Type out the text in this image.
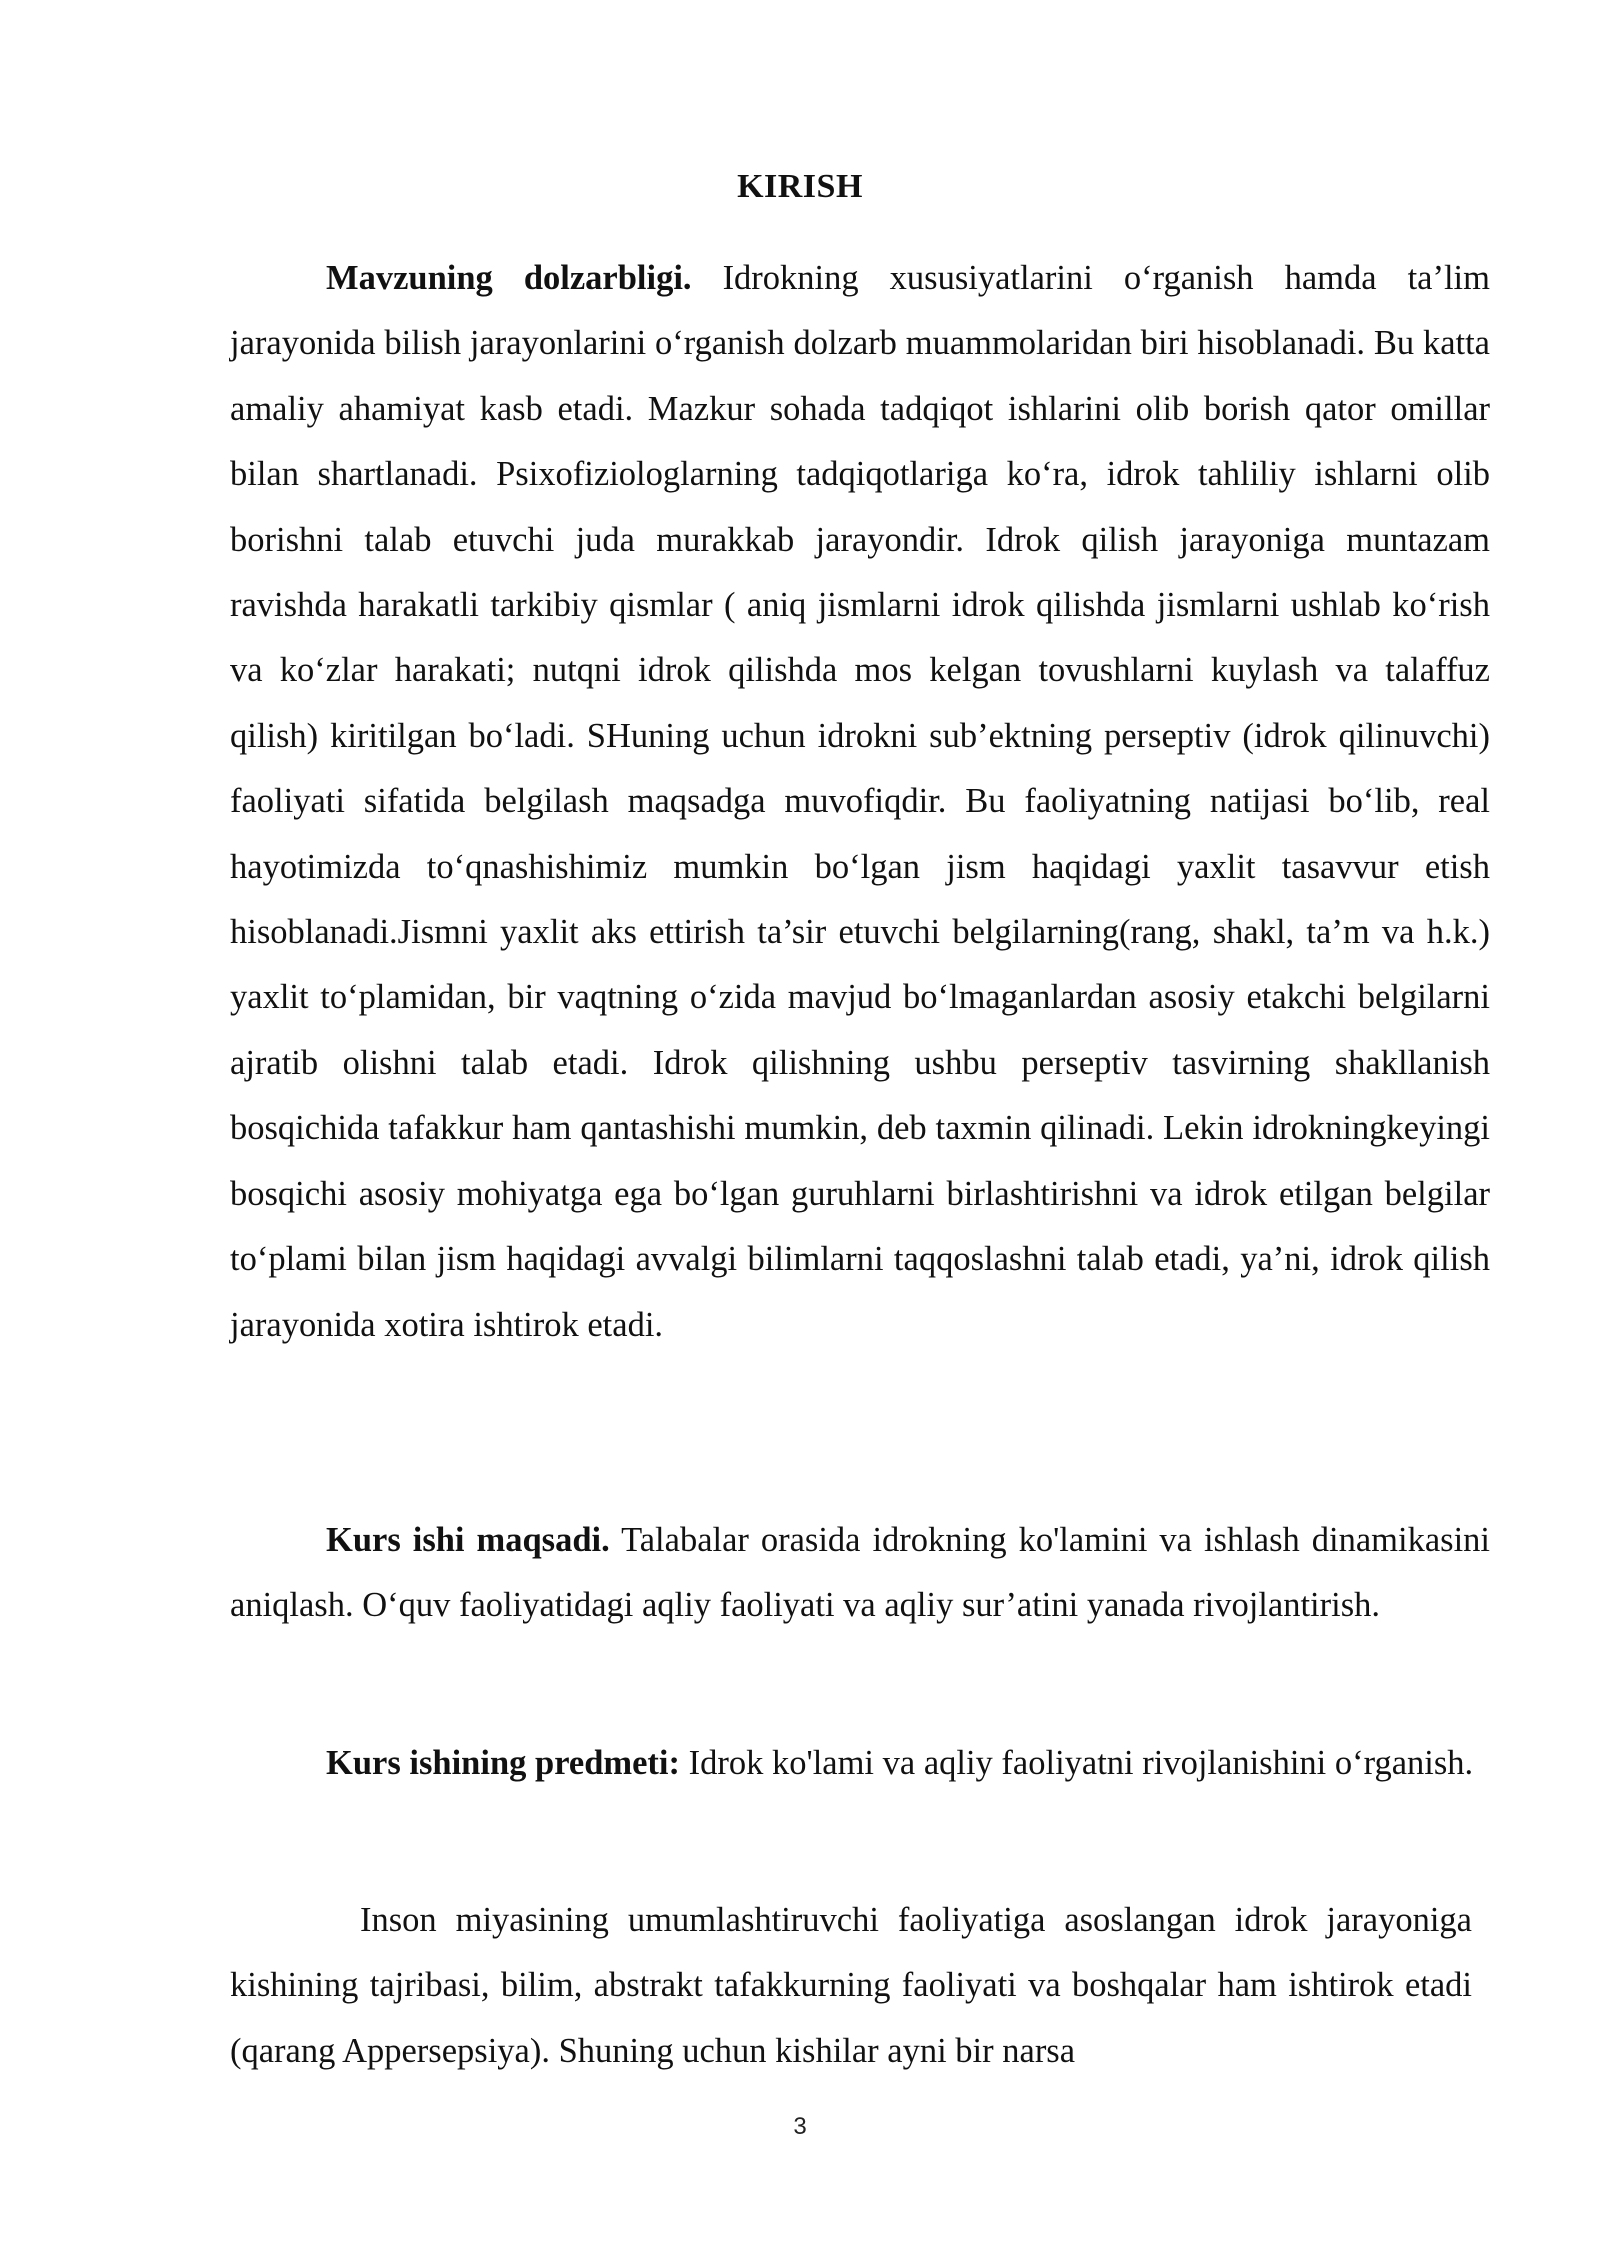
KIRISH

Mavzuning dolzarbligi. Idrokning xususiyatlarini o‘rganish hamda ta’lim jarayonida bilish jarayonlarini o‘rganish dolzarb muammolaridan biri hisoblanadi. Bu katta amaliy ahamiyat kasb etadi. Mazkur sohada tadqiqot ishlarini olib borish qator omillar bilan shartlanadi. Psixofiziologlarning tadqiqotlariga ko‘ra, idrok tahliliy ishlarni olib borishni talab etuvchi juda murakkab jarayondir. Idrok qilish jarayoniga muntazam ravishda harakatli tarkibiy qismlar ( aniq jismlarni idrok qilishda jismlarni ushlab ko‘rish va ko‘zlar harakati; nutqni idrok qilishda mos kelgan tovushlarni kuylash va talaffuz qilish) kiritilgan bo‘ladi. SHuning uchun idrokni sub’ektning perseptiv (idrok qilinuvchi) faoliyati sifatida belgilash maqsadga muvofiqdir. Bu faoliyatning natijasi bo‘lib, real hayotimizda to‘qnashishimiz mumkin bo‘lgan jism haqidagi yaxlit tasavvur etish hisoblanadi.Jismni yaxlit aks ettirish ta’sir etuvchi belgilarning(rang, shakl, ta’m va h.k.) yaxlit to‘plamidan, bir vaqtning o‘zida mavjud bo‘lmaganlardan asosiy etakchi belgilarni ajratib olishni talab etadi. Idrok qilishning ushbu perseptiv tasvirning shakllanish bosqichida tafakkur ham qantashishi mumkin, deb taxmin qilinadi. Lekin idrokningkeyingi bosqichi asosiy mohiyatga ega bo‘lgan guruhlarni birlashtirishni va idrok etilgan belgilar to‘plami bilan jism haqidagi avvalgi bilimlarni taqqoslashni talab etadi, ya’ni, idrok qilish jarayonida xotira ishtirok etadi.

Kurs ishi maqsadi. Talabalar orasida idrokning ko'lamini va ishlash dinamikasini aniqlash. O‘quv faoliyatidagi aqliy faoliyati va aqliy sur’atini yanada rivojlantirish.

Kurs ishining predmeti: Idrok ko'lami va aqliy faoliyatni rivojlanishini o‘rganish.

Inson miyasining umumlashtiruvchi faoliyatiga asoslangan idrok jarayoniga kishining tajribasi, bilim, abstrakt tafakkurning faoliyati va boshqalar ham ishtirok etadi (qarang Appersepsiya). Shuning uchun kishilar ayni bir narsa

3
